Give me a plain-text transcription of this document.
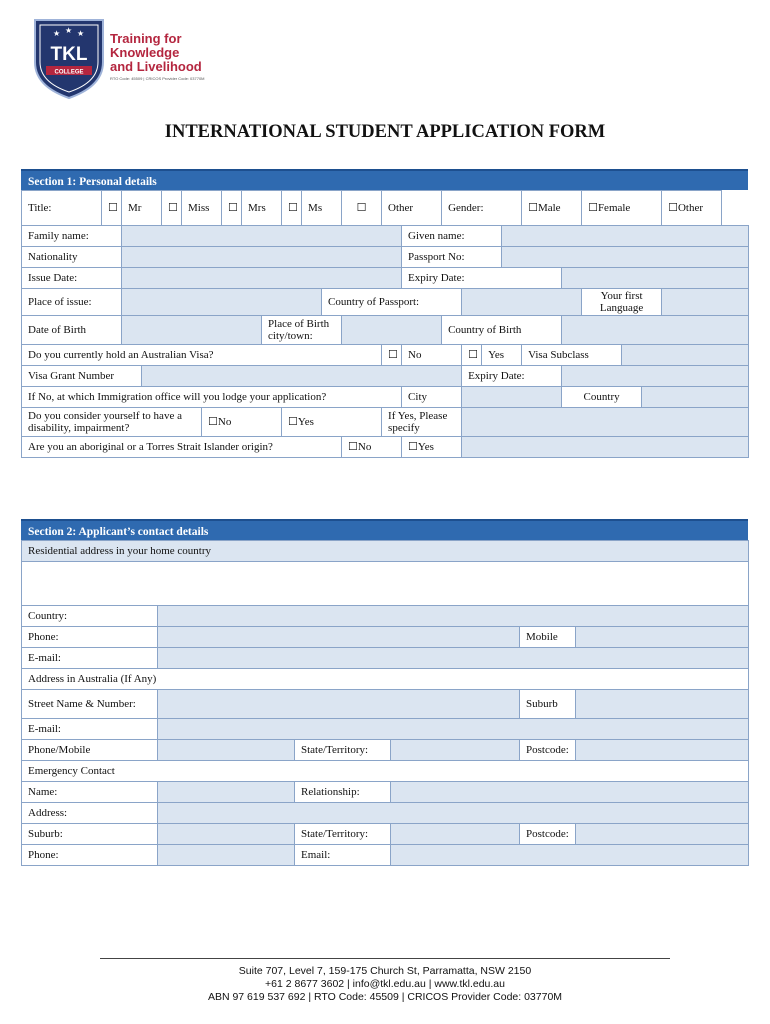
★ ★ ★
TKL
COLLEGE
Training for
Knowledge
and Livelihood
RTO Code: 45509 | CRICOS Provider Code: 03770M
INTERNATIONAL STUDENT APPLICATION FORM
Section 1: Personal details
Title:	☐	Mr		☐	Miss		☐	Mrs		☐	Ms		☐	Other		Gender:				☐Male		☐Female			☐Other
Family name:															Given name:										
Nationality															Passport No:										
Issue Date:															Expiry Date:										
Place of issue:												Country of Passport:										Your first Language			
Date of Birth									Place of Birth city/town:							Country of Birth									
Do you currently hold an Australian Visa?														☐	No		☐	Yes		Visa Subclass					
Visa Grant Number																	Expiry Date:								
If No, at which Immigration office will you lodge your application?															City						Country				
Do you consider yourself to have a disability, impairment?						☐No				☐Yes				If Yes, Please specify											
Are you an aboriginal or a Torres Strait Islander origin?													☐No		☐Yes										
Section 2: Applicant’s contact details
Residential address in your home country					

Country:					
Phone:				Mobile	
E-mail:					
Address in Australia (If Any)					
Street Name & Number:				Suburb	
E-mail:					
Phone/Mobile		State/Territory:		Postcode:	
Emergency Contact					
Name:		Relationship:			
Address:					
Suburb:		State/Territory:		Postcode:	
Phone:		Email:			
Suite 707, Level 7, 159-175 Church St, Parramatta, NSW 2150
+61 2 8677 3602 | info@tkl.edu.au | www.tkl.edu.au
ABN 97 619 537 692 | RTO Code: 45509 | CRICOS Provider Code: 03770M
